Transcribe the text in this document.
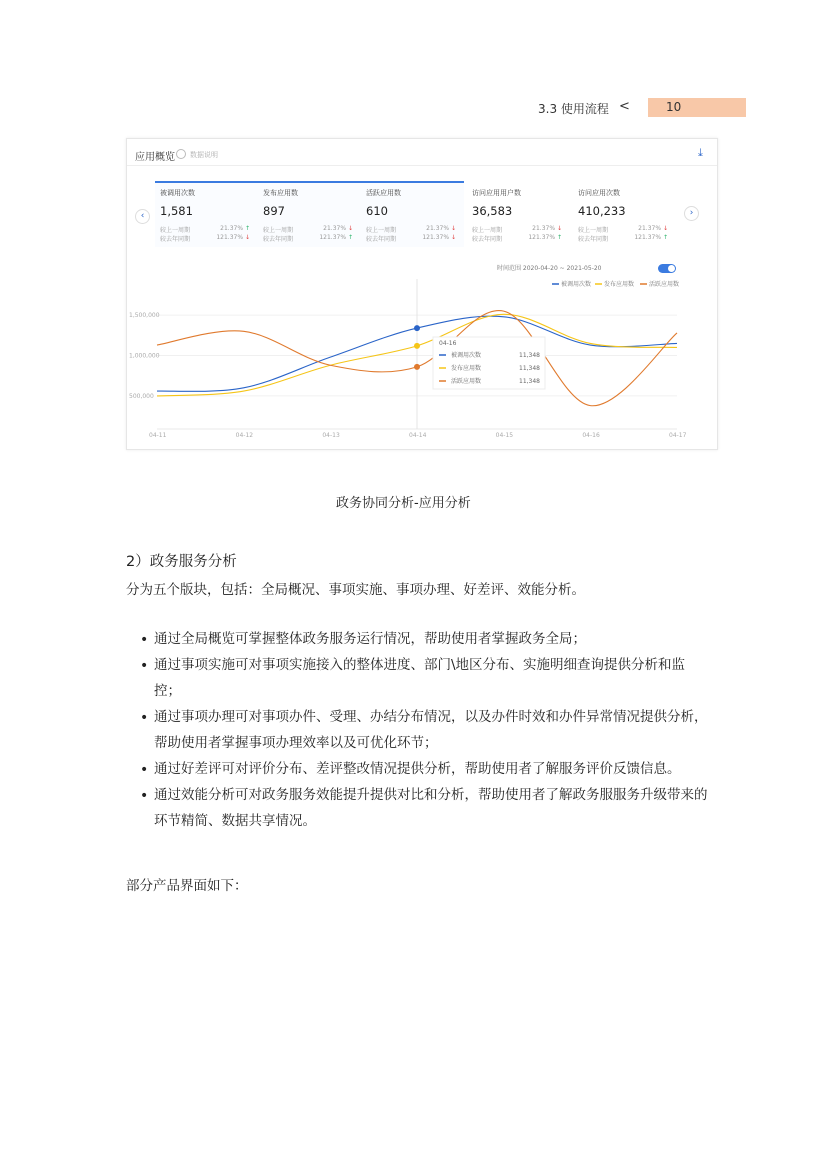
3.3 使用流程 <	10
应用概览 数据说明	⤓
‹	›
被调用次数
1,581
较上一周期	21.37% ↑
较去年同期	121.37% ↓
发布应用数
897
较上一周期	21.37% ↓
较去年同期	121.37% ↑
活跃应用数
610
较上一周期	21.37% ↓
较去年同期	121.37% ↓
访问应用用户数
36,583
较上一周期	21.37% ↓
较去年同期	121.37% ↑
访问应用次数
410,233
较上一周期	21.37% ↓
较去年同期	121.37% ↑
时间范围 2020-04-20 ~ 2021-05-20
500,000
1,000,000
1,500,000
04-11	04-12	04-13	04-14	04-15	04-16	04-17
被调用次数 发布应用数 活跃应用数
04-16
被调用次数	11,348
发布应用数	11,348
活跃应用数	11,348
政务协同分析-应用分析
2）政务服务分析
分为五个版块，包括：全局概况、事项实施、事项办理、好差评、效能分析。
• 通过全局概览可掌握整体政务服务运行情况，帮助使用者掌握政务全局；
• 通过事项实施可对事项实施接入的整体进度、部门\地区分布、实施明细查询提供分析和监控；
• 通过事项办理可对事项办件、受理、办结分布情况，以及办件时效和办件异常情况提供分析，帮助使用者掌握事项办理效率以及可优化环节；
• 通过好差评可对评价分布、差评整改情况提供分析，帮助使用者了解服务评价反馈信息。
• 通过效能分析可对政务服务效能提升提供对比和分析，帮助使用者了解政务服服务升级带来的环节精简、数据共享情况。
部分产品界面如下：
